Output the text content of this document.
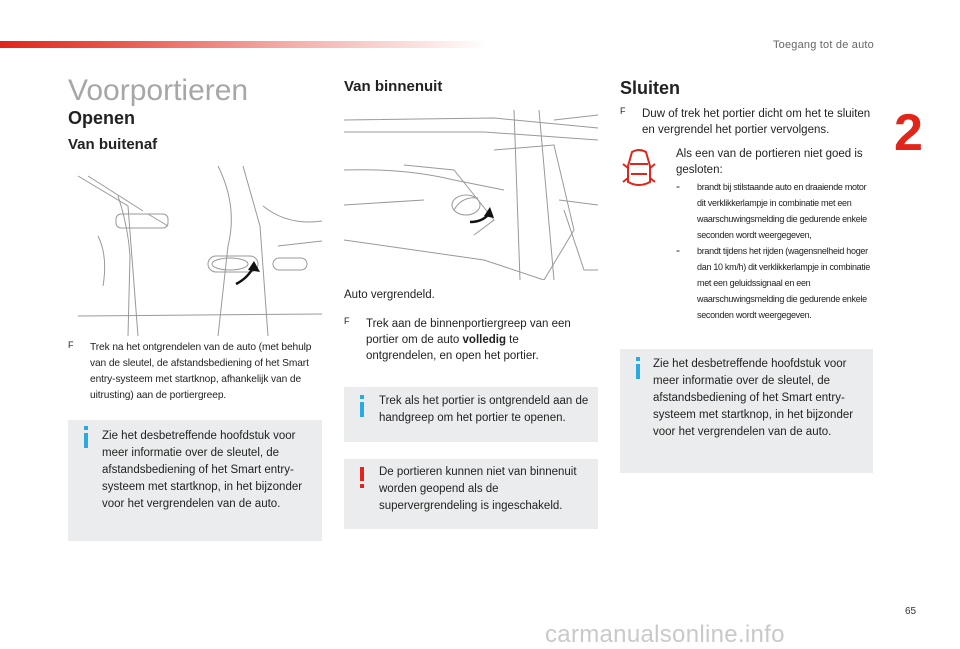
Toegang tot de auto
2
Voorportieren
Openen
Van buitenaf
F Trek na het ontgrendelen van de auto (met behulp van de sleutel, de afstandsbediening of het Smart entry-systeem met startknop, afhankelijk van de uitrusting) aan de portiergreep.
Zie het desbetreffende hoofdstuk voor meer informatie over de sleutel, de afstandsbediening of het Smart entry-systeem met startknop, in het bijzonder voor het vergrendelen van de auto.
Van binnenuit
Auto vergrendeld.
F Trek aan de binnenportiergreep van een portier om de auto volledig te ontgrendelen, en open het portier.
Trek als het portier is ontgrendeld aan de handgreep om het portier te openen.
De portieren kunnen niet van binnenuit worden geopend als de supervergrendeling is ingeschakeld.
Sluiten
F Duw of trek het portier dicht om het te sluiten en vergrendel het portier vervolgens.
Als een van de portieren niet goed is gesloten:
- brandt bij stilstaande auto en draaiende motor dit verklikkerlampje in combinatie met een waarschuwingsmelding die gedurende enkele seconden wordt weergegeven,
- brandt tijdens het rijden (wagensnelheid hoger dan 10 km/h) dit verklikkerlampje in combinatie met een geluidssignaal en een waarschuwingsmelding die gedurende enkele seconden wordt weergegeven.
Zie het desbetreffende hoofdstuk voor meer informatie over de sleutel, de afstandsbediening of het Smart entry-systeem met startknop, in het bijzonder voor het vergrendelen van de auto.
65
carmanualsonline.info
